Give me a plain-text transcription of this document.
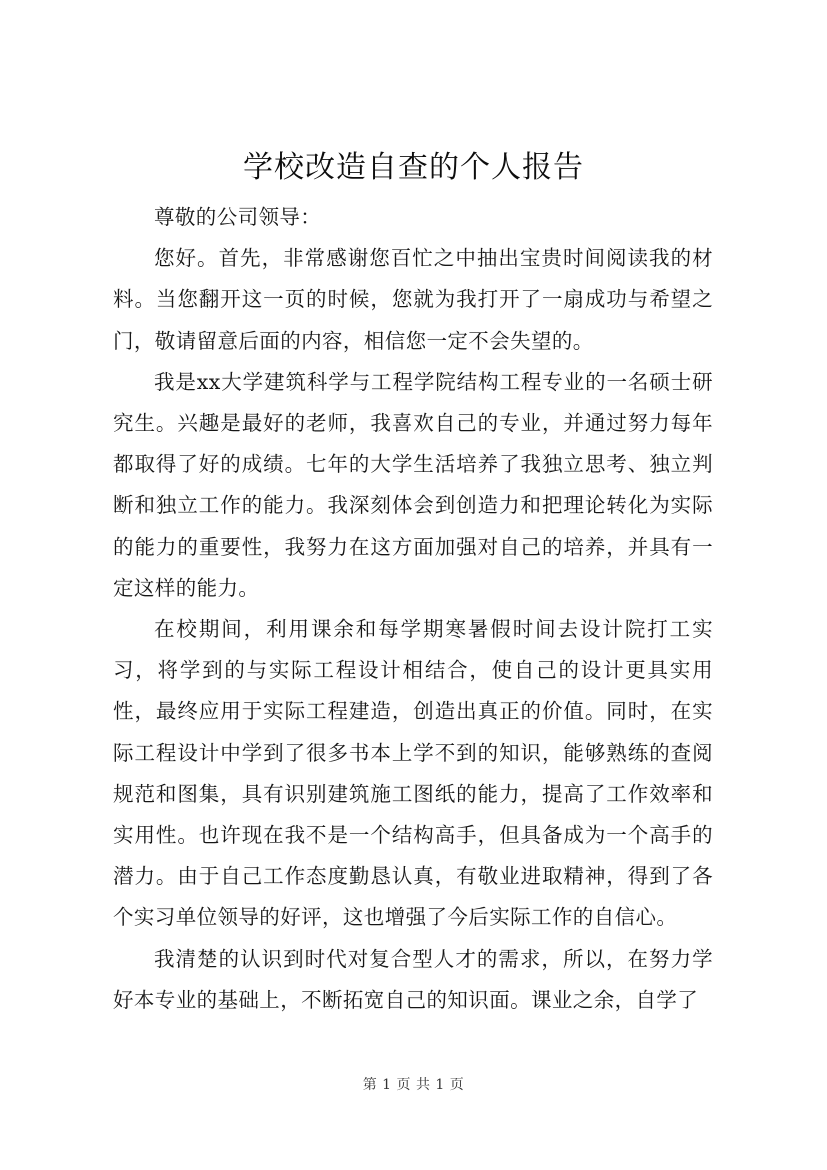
学校改造自查的个人报告

尊敬的公司领导：

您好。首先，非常感谢您百忙之中抽出宝贵时间阅读我的材料。当您翻开这一页的时候，您就为我打开了一扇成功与希望之门，敬请留意后面的内容，相信您一定不会失望的。

我是xx大学建筑科学与工程学院结构工程专业的一名硕士研究生。兴趣是最好的老师，我喜欢自己的专业，并通过努力每年都取得了好的成绩。七年的大学生活培养了我独立思考、独立判断和独立工作的能力。我深刻体会到创造力和把理论转化为实际的能力的重要性，我努力在这方面加强对自己的培养，并具有一定这样的能力。

在校期间，利用课余和每学期寒暑假时间去设计院打工实习，将学到的与实际工程设计相结合，使自己的设计更具实用性，最终应用于实际工程建造，创造出真正的价值。同时，在实际工程设计中学到了很多书本上学不到的知识，能够熟练的查阅规范和图集，具有识别建筑施工图纸的能力，提高了工作效率和实用性。也许现在我不是一个结构高手，但具备成为一个高手的潜力。由于自己工作态度勤恳认真，有敬业进取精神，得到了各个实习单位领导的好评，这也增强了今后实际工作的自信心。

我清楚的认识到时代对复合型人才的需求，所以，在努力学好本专业的基础上，不断拓宽自己的知识面。课业之余，自学了

第 1 页 共 1 页
